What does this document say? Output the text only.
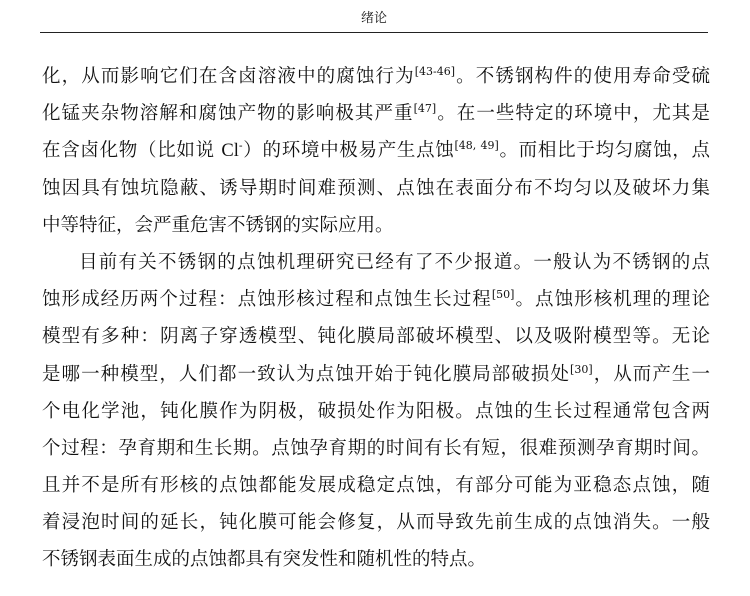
绪论
化，从而影响它们在含卤溶液中的腐蚀行为[43-46]。不锈钢构件的使用寿命受硫
化锰夹杂物溶解和腐蚀产物的影响极其严重[47]。在一些特定的环境中，尤其是
在含卤化物（比如说 Cl-）的环境中极易产生点蚀[48, 49]。而相比于均匀腐蚀，点
蚀因具有蚀坑隐蔽、诱导期时间难预测、点蚀在表面分布不均匀以及破坏力集
中等特征，会严重危害不锈钢的实际应用。
目前有关不锈钢的点蚀机理研究已经有了不少报道。一般认为不锈钢的点
蚀形成经历两个过程：点蚀形核过程和点蚀生长过程[50]。点蚀形核机理的理论
模型有多种：阴离子穿透模型、钝化膜局部破坏模型、以及吸附模型等。无论
是哪一种模型，人们都一致认为点蚀开始于钝化膜局部破损处[30]，从而产生一
个电化学池，钝化膜作为阴极，破损处作为阳极。点蚀的生长过程通常包含两
个过程：孕育期和生长期。点蚀孕育期的时间有长有短，很难预测孕育期时间。
且并不是所有形核的点蚀都能发展成稳定点蚀，有部分可能为亚稳态点蚀，随
着浸泡时间的延长，钝化膜可能会修复，从而导致先前生成的点蚀消失。一般
不锈钢表面生成的点蚀都具有突发性和随机性的特点。
